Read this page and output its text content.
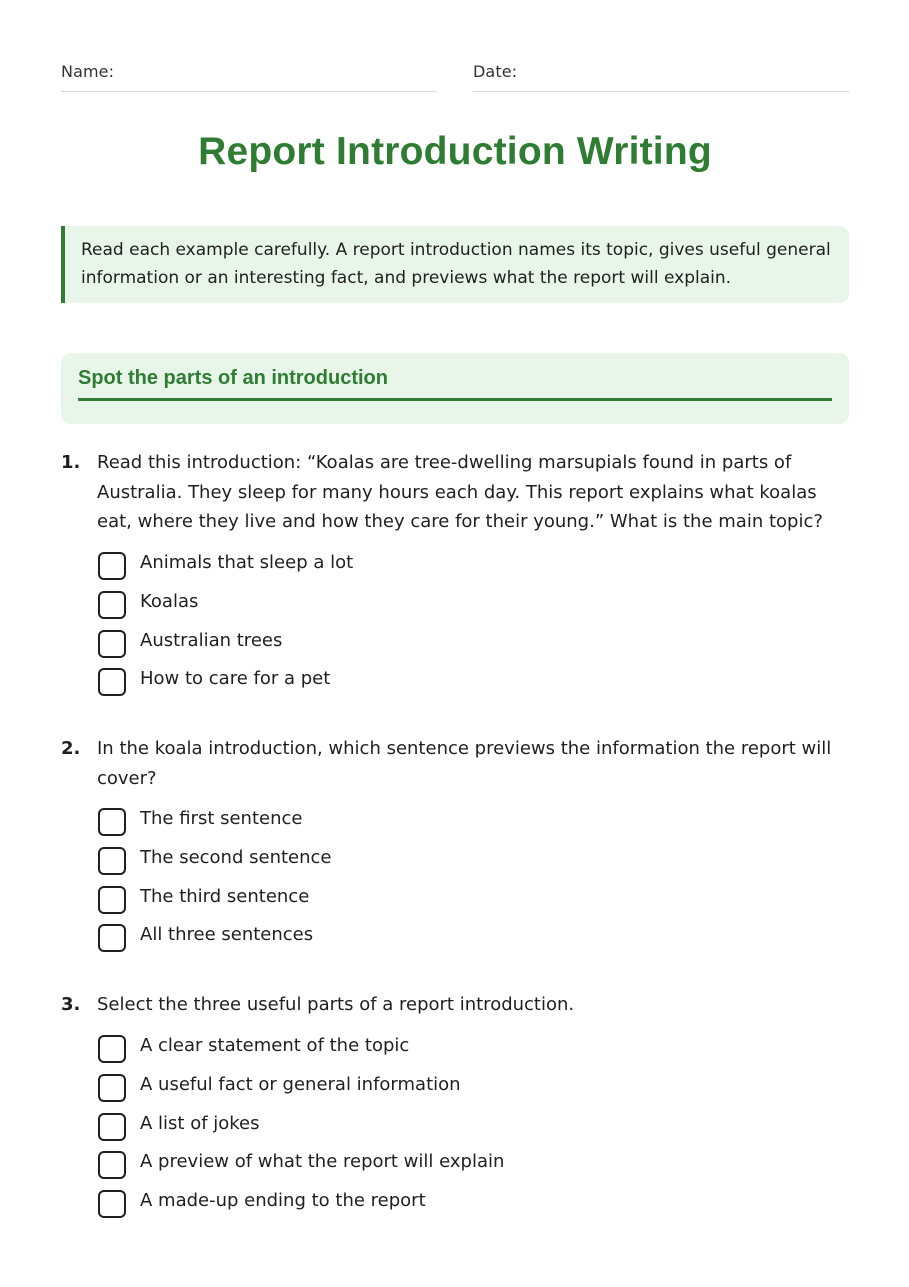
Name:	Date:
Report Introduction Writing
Read each example carefully. A report introduction names its topic, gives useful general information or an interesting fact, and previews what the report will explain.
Spot the parts of an introduction
1. Read this introduction: “Koalas are tree-dwelling marsupials found in parts of Australia. They sleep for many hours each day. This report explains what koalas eat, where they live and how they care for their young.” What is the main topic?
Animals that sleep a lot
Koalas
Australian trees
How to care for a pet
2. In the koala introduction, which sentence previews the information the report will cover?
The first sentence
The second sentence
The third sentence
All three sentences
3. Select the three useful parts of a report introduction.
A clear statement of the topic
A useful fact or general information
A list of jokes
A preview of what the report will explain
A made-up ending to the report
